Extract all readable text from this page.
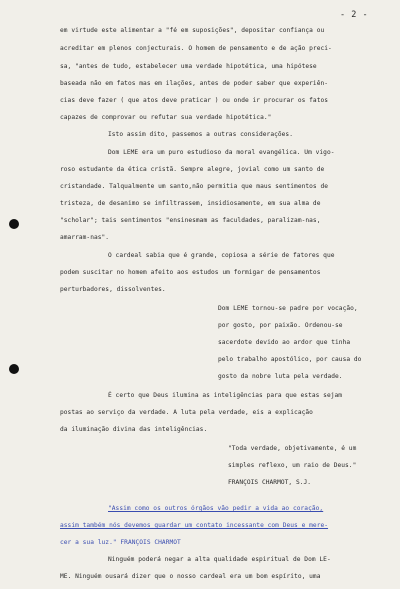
- 2 -
em virtude este alimentar a "fé em suposições", depositar confiança ou
acreditar em plenos conjecturais. O homem de pensamento e de ação preci-
sa, "antes de tudo, estabelecer uma verdade hipotética, uma hipótese
baseada não em fatos mas em ilações, antes de poder saber que experiên-
cias deve fazer ( que atos deve praticar ) ou onde ir procurar os fatos
capazes de comprovar ou refutar sua verdade hipotética."
Isto assim dito, passemos a outras considerações.
Dom LEME era um puro estudioso da moral evangélica. Um vigo-
roso estudante da ética cristã. Sempre alegre, jovial como um santo de
cristandade. Talqualmente um santo,não permitia que maus sentimentos de
tristeza, de desanimo se infiltrassem, insidiosamente, em sua alma de
"scholar"; tais sentimentos "ensinesmam as faculdades, paralizam-nas,
amarram-nas".
O cardeal sabia que é grande, copiosa a série de fatores que
podem suscitar no homem afeito aos estudos um formigar de pensamentos
perturbadores, dissolventes.
Dom LEME tornou-se padre por vocação,
por gosto, por paixão. Ordenou-se
sacerdote devido ao ardor que tinha
pelo trabalho apostólico, por causa do
gosto da nobre luta pela verdade.
É certo que Deus ilumina as inteligências para que estas sejam
postas ao serviço da verdade. A luta pela verdade, eis a explicação
da iluminação divina das inteligências.
"Toda verdade, objetivamente, é um
simples reflexo, um raio de Deus."
FRANÇOIS CHARMOT, S.J.
"Assim como os outros órgãos vão pedir a vida ao coração,
assim também nós devemos guardar um contato incessante com Deus e mere-
cer a sua luz." FRANÇOIS CHARMOT
Ninguém poderá negar a alta qualidade espiritual de Dom LE-
ME. Ninguém ousará dizer que o nosso cardeal era um bom espírito, uma
